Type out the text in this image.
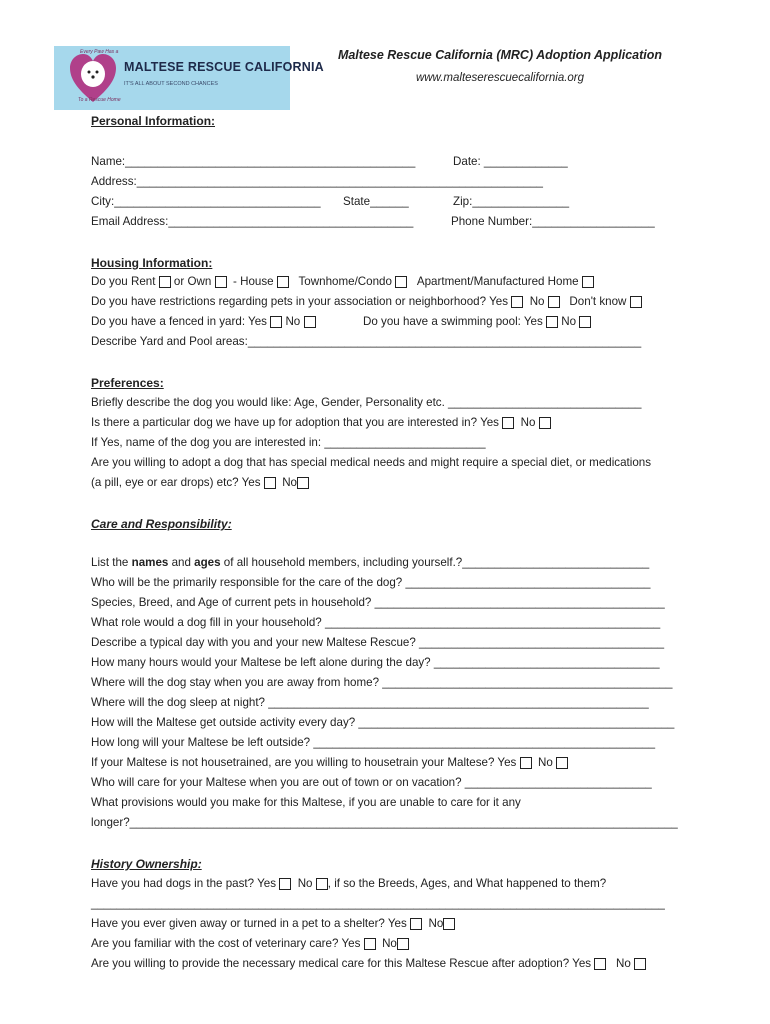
Every Paw Has a
MALTESE RESCUE CALIFORNIA
IT'S ALL ABOUT SECOND CHANCES
To a Rescue Home
Maltese Rescue California (MRC) Adoption Application
www.malteserescuecalifornia.org
Personal Information:
Name:_____________________________________________	Date: _____________
Address:_______________________________________________________________
City:________________________________ State______	Zip:_______________
Email Address:______________________________________	Phone Number:___________________
Housing Information:
Do you Rent or Own - House Townhome/Condo Apartment/Manufactured Home
Do you have restrictions regarding pets in your association or neighborhood? Yes No Don't know
Do you have a fenced in yard: Yes No	Do you have a swimming pool: Yes No
Describe Yard and Pool areas:_____________________________________________________________
Preferences:
Briefly describe the dog you would like: Age, Gender, Personality etc. ______________________________
Is there a particular dog we have up for adoption that you are interested in? Yes No
If Yes, name of the dog you are interested in: _________________________
Are you willing to adopt a dog that has special medical needs and might require a special diet, or medications
(a pill, eye or ear drops) etc? Yes No
Care and Responsibility:
List the names and ages of all household members, including yourself.?_____________________________
Who will be the primarily responsible for the care of the dog? ______________________________________
Species, Breed, and Age of current pets in household? _____________________________________________
What role would a dog fill in your household? ____________________________________________________
Describe a typical day with you and your new Maltese Rescue? ______________________________________
How many hours would your Maltese be left alone during the day? ___________________________________
Where will the dog stay when you are away from home? _____________________________________________
Where will the dog sleep at night? ___________________________________________________________
How will the Maltese get outside activity every day? _________________________________________________
How long will your Maltese be left outside? _____________________________________________________
If your Maltese is not housetrained, are you willing to housetrain your Maltese? Yes No
Who will care for your Maltese when you are out of town or on vacation? _____________________________
What provisions would you make for this Maltese, if you are unable to care for it any
longer?_____________________________________________________________________________________
History Ownership:
Have you had dogs in the past? Yes No , if so the Breeds, Ages, and What happened to them?
_________________________________________________________________________________________
Have you ever given away or turned in a pet to a shelter? Yes No
Are you familiar with the cost of veterinary care? Yes No
Are you willing to provide the necessary medical care for this Maltese Rescue after adoption? Yes No
